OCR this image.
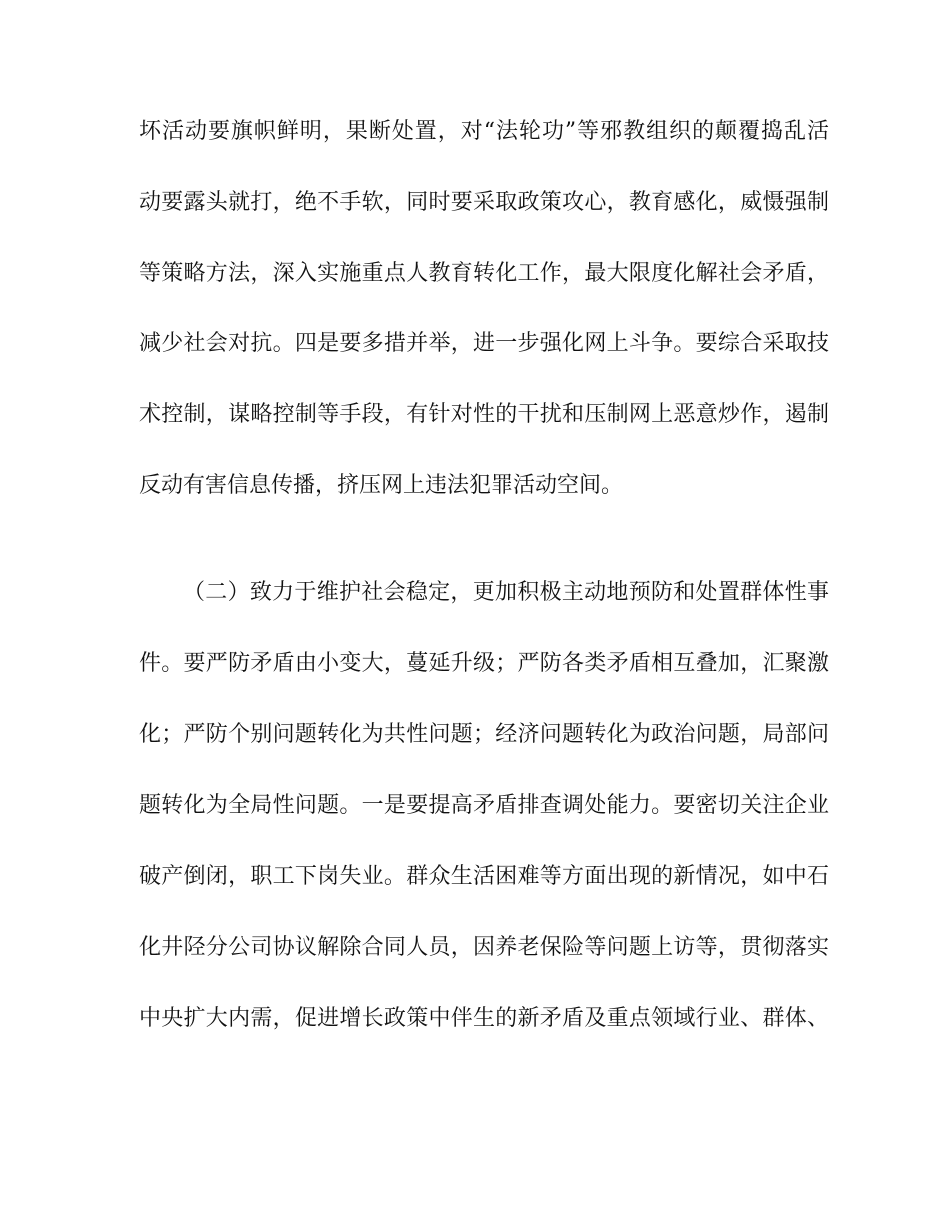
坏活动要旗帜鲜明，果断处置，对“法轮功”等邪教组织的颠覆捣乱活
动要露头就打，绝不手软，同时要采取政策攻心，教育感化，威慑强制
等策略方法，深入实施重点人教育转化工作，最大限度化解社会矛盾，
减少社会对抗。四是要多措并举，进一步强化网上斗争。要综合采取技
术控制，谋略控制等手段，有针对性的干扰和压制网上恶意炒作，遏制
反动有害信息传播，挤压网上违法犯罪活动空间。
（二）致力于维护社会稳定，更加积极主动地预防和处置群体性事
件。要严防矛盾由小变大，蔓延升级；严防各类矛盾相互叠加，汇聚激
化；严防个别问题转化为共性问题；经济问题转化为政治问题，局部问
题转化为全局性问题。一是要提高矛盾排查调处能力。要密切关注企业
破产倒闭，职工下岗失业。群众生活困难等方面出现的新情况，如中石
化井陉分公司协议解除合同人员，因养老保险等问题上访等，贯彻落实
中央扩大内需，促进增长政策中伴生的新矛盾及重点领域行业、群体、
